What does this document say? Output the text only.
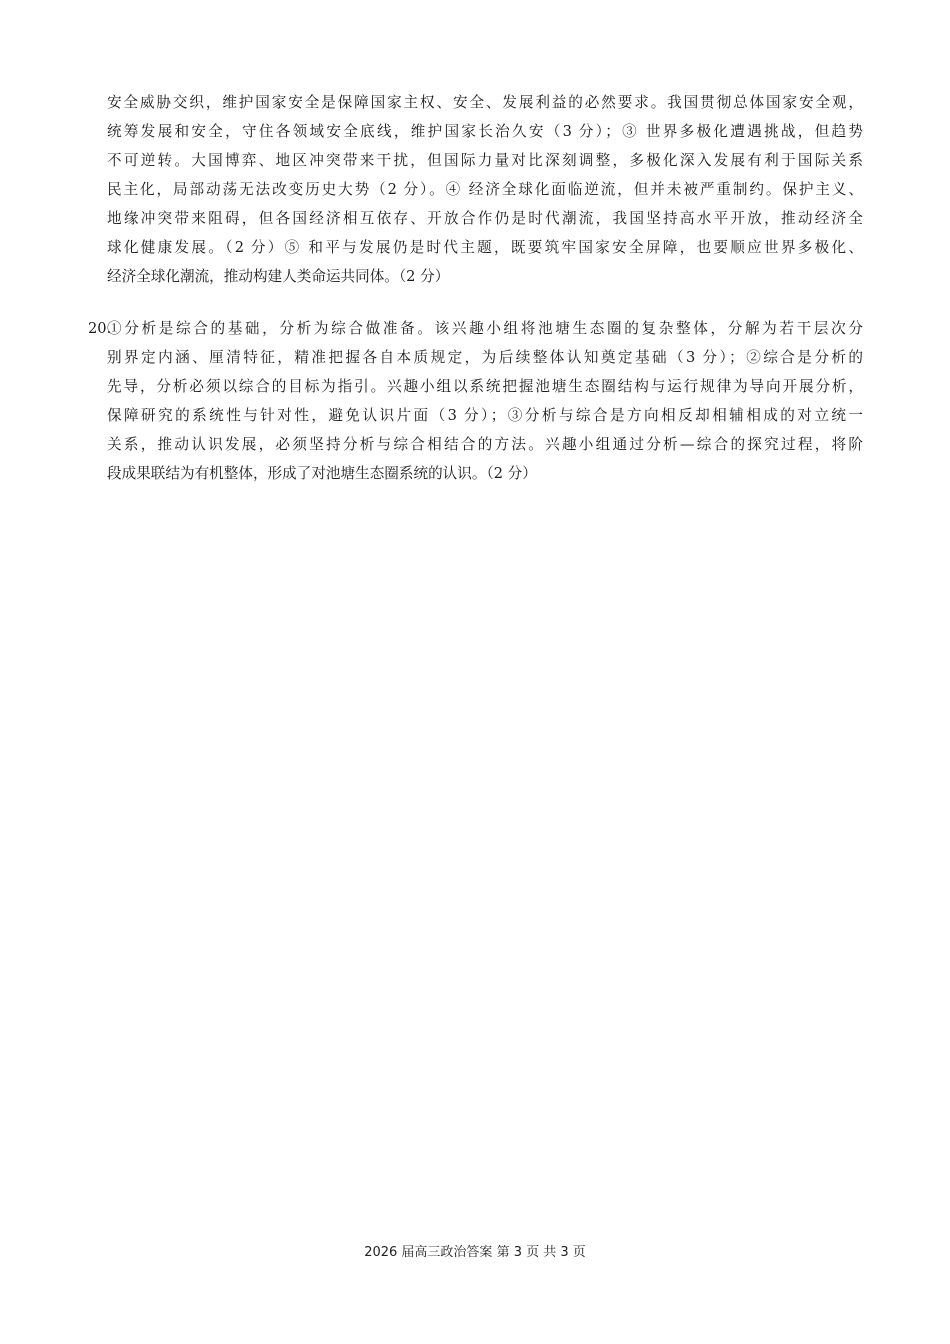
安全威胁交织，维护国家安全是保障国家主权、安全、发展利益的必然要求。我国贯彻总体国家安全观，
统筹发展和安全，守住各领域安全底线，维护国家长治久安（3 分）；③ 世界多极化遭遇挑战，但趋势
不可逆转。大国博弈、地区冲突带来干扰，但国际力量对比深刻调整，多极化深入发展有利于国际关系
民主化，局部动荡无法改变历史大势（2 分）。④ 经济全球化面临逆流，但并未被严重制约。保护主义、
地缘冲突带来阻碍，但各国经济相互依存、开放合作仍是时代潮流，我国坚持高水平开放，推动经济全
球化健康发展。（2 分）⑤ 和平与发展仍是时代主题，既要筑牢国家安全屏障，也要顺应世界多极化、
经济全球化潮流，推动构建人类命运共同体。（2 分）
20.
①分析是综合的基础，分析为综合做准备。该兴趣小组将池塘生态圈的复杂整体，分解为若干层次分
别界定内涵、厘清特征，精准把握各自本质规定，为后续整体认知奠定基础（3 分）；②综合是分析的
先导，分析必须以综合的目标为指引。兴趣小组以系统把握池塘生态圈结构与运行规律为导向开展分析，
保障研究的系统性与针对性，避免认识片面（3 分）；③分析与综合是方向相反却相辅相成的对立统一
关系，推动认识发展，必须坚持分析与综合相结合的方法。兴趣小组通过分析—综合的探究过程，将阶
段成果联结为有机整体，形成了对池塘生态圈系统的认识。（2 分）
2026 届高三政治答案 第 3 页 共 3 页
